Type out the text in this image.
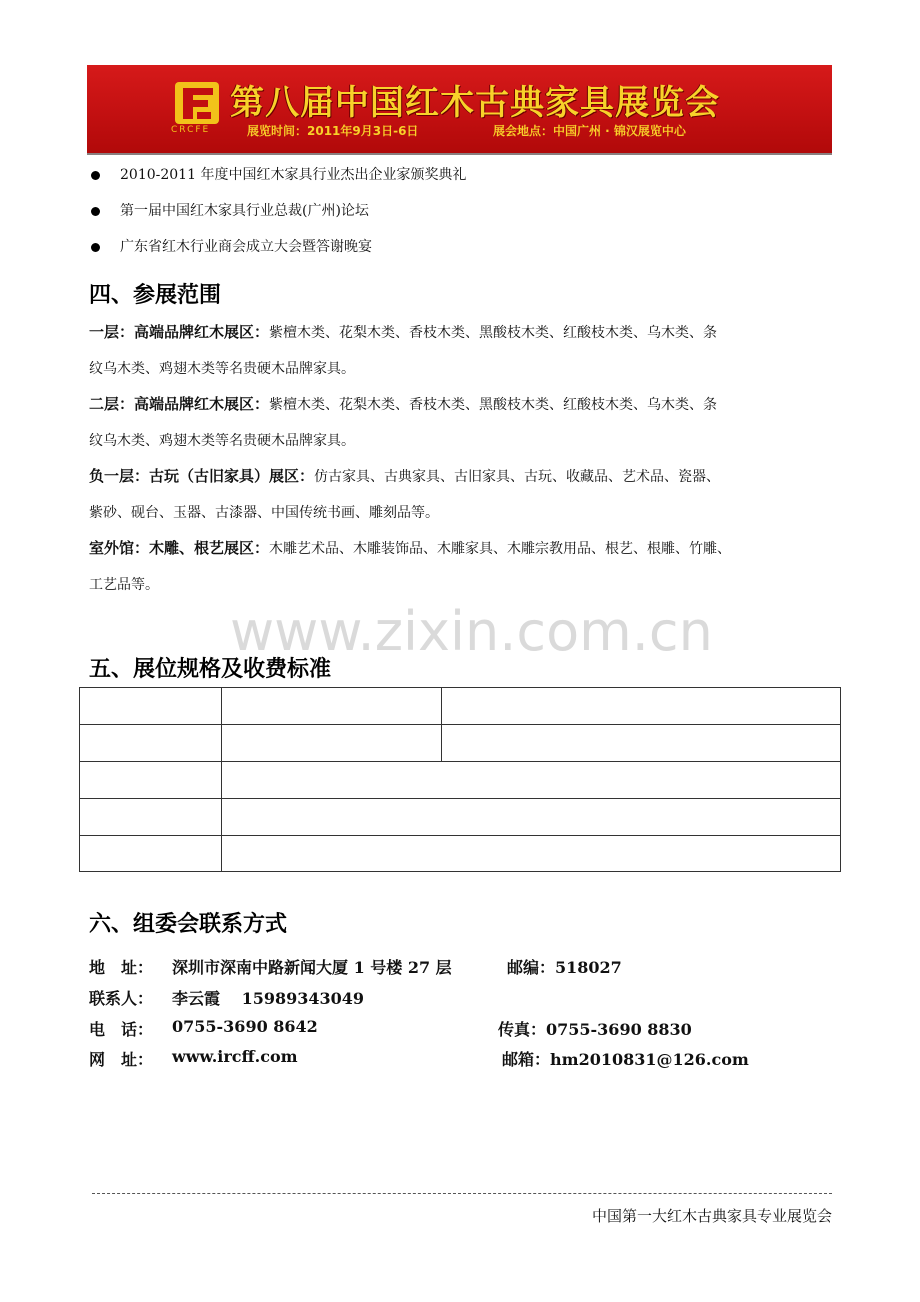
CRCFE
第八届中国红木古典家具展览会
展览时间：2011年9月3日-6日	展会地点：中国广州 · 锦汉展览中心
2010-2011 年度中国红木家具行业杰出企业家颁奖典礼
第一届中国红木家具行业总裁(广州)论坛
广东省红木行业商会成立大会暨答谢晚宴
四、参展范围
一层：高端品牌红木展区：紫檀木类、花梨木类、香枝木类、黑酸枝木类、红酸枝木类、乌木类、条
纹乌木类、鸡翅木类等名贵硬木品牌家具。
二层：高端品牌红木展区：紫檀木类、花梨木类、香枝木类、黑酸枝木类、红酸枝木类、乌木类、条
纹乌木类、鸡翅木类等名贵硬木品牌家具。
负一层：古玩（古旧家具）展区：仿古家具、古典家具、古旧家具、古玩、收藏品、艺术品、瓷器、
紫砂、砚台、玉器、古漆器、中国传统书画、雕刻品等。
室外馆：木雕、根艺展区：木雕艺术品、木雕装饰品、木雕家具、木雕宗教用品、根艺、根雕、竹雕、
工艺品等。
www.zixin.com.cn
五、展位规格及收费标准
六、组委会联系方式
地　址： 深圳市深南中路新闻大厦 1 号楼 27 层	邮编：518027
联系人： 李云霞　 15989343049
电　话： 0755-3690 8642	传真：0755-3690 8830
网　址： www.ircff.com	邮箱：hm2010831@126.com
中国第一大红木古典家具专业展览会
